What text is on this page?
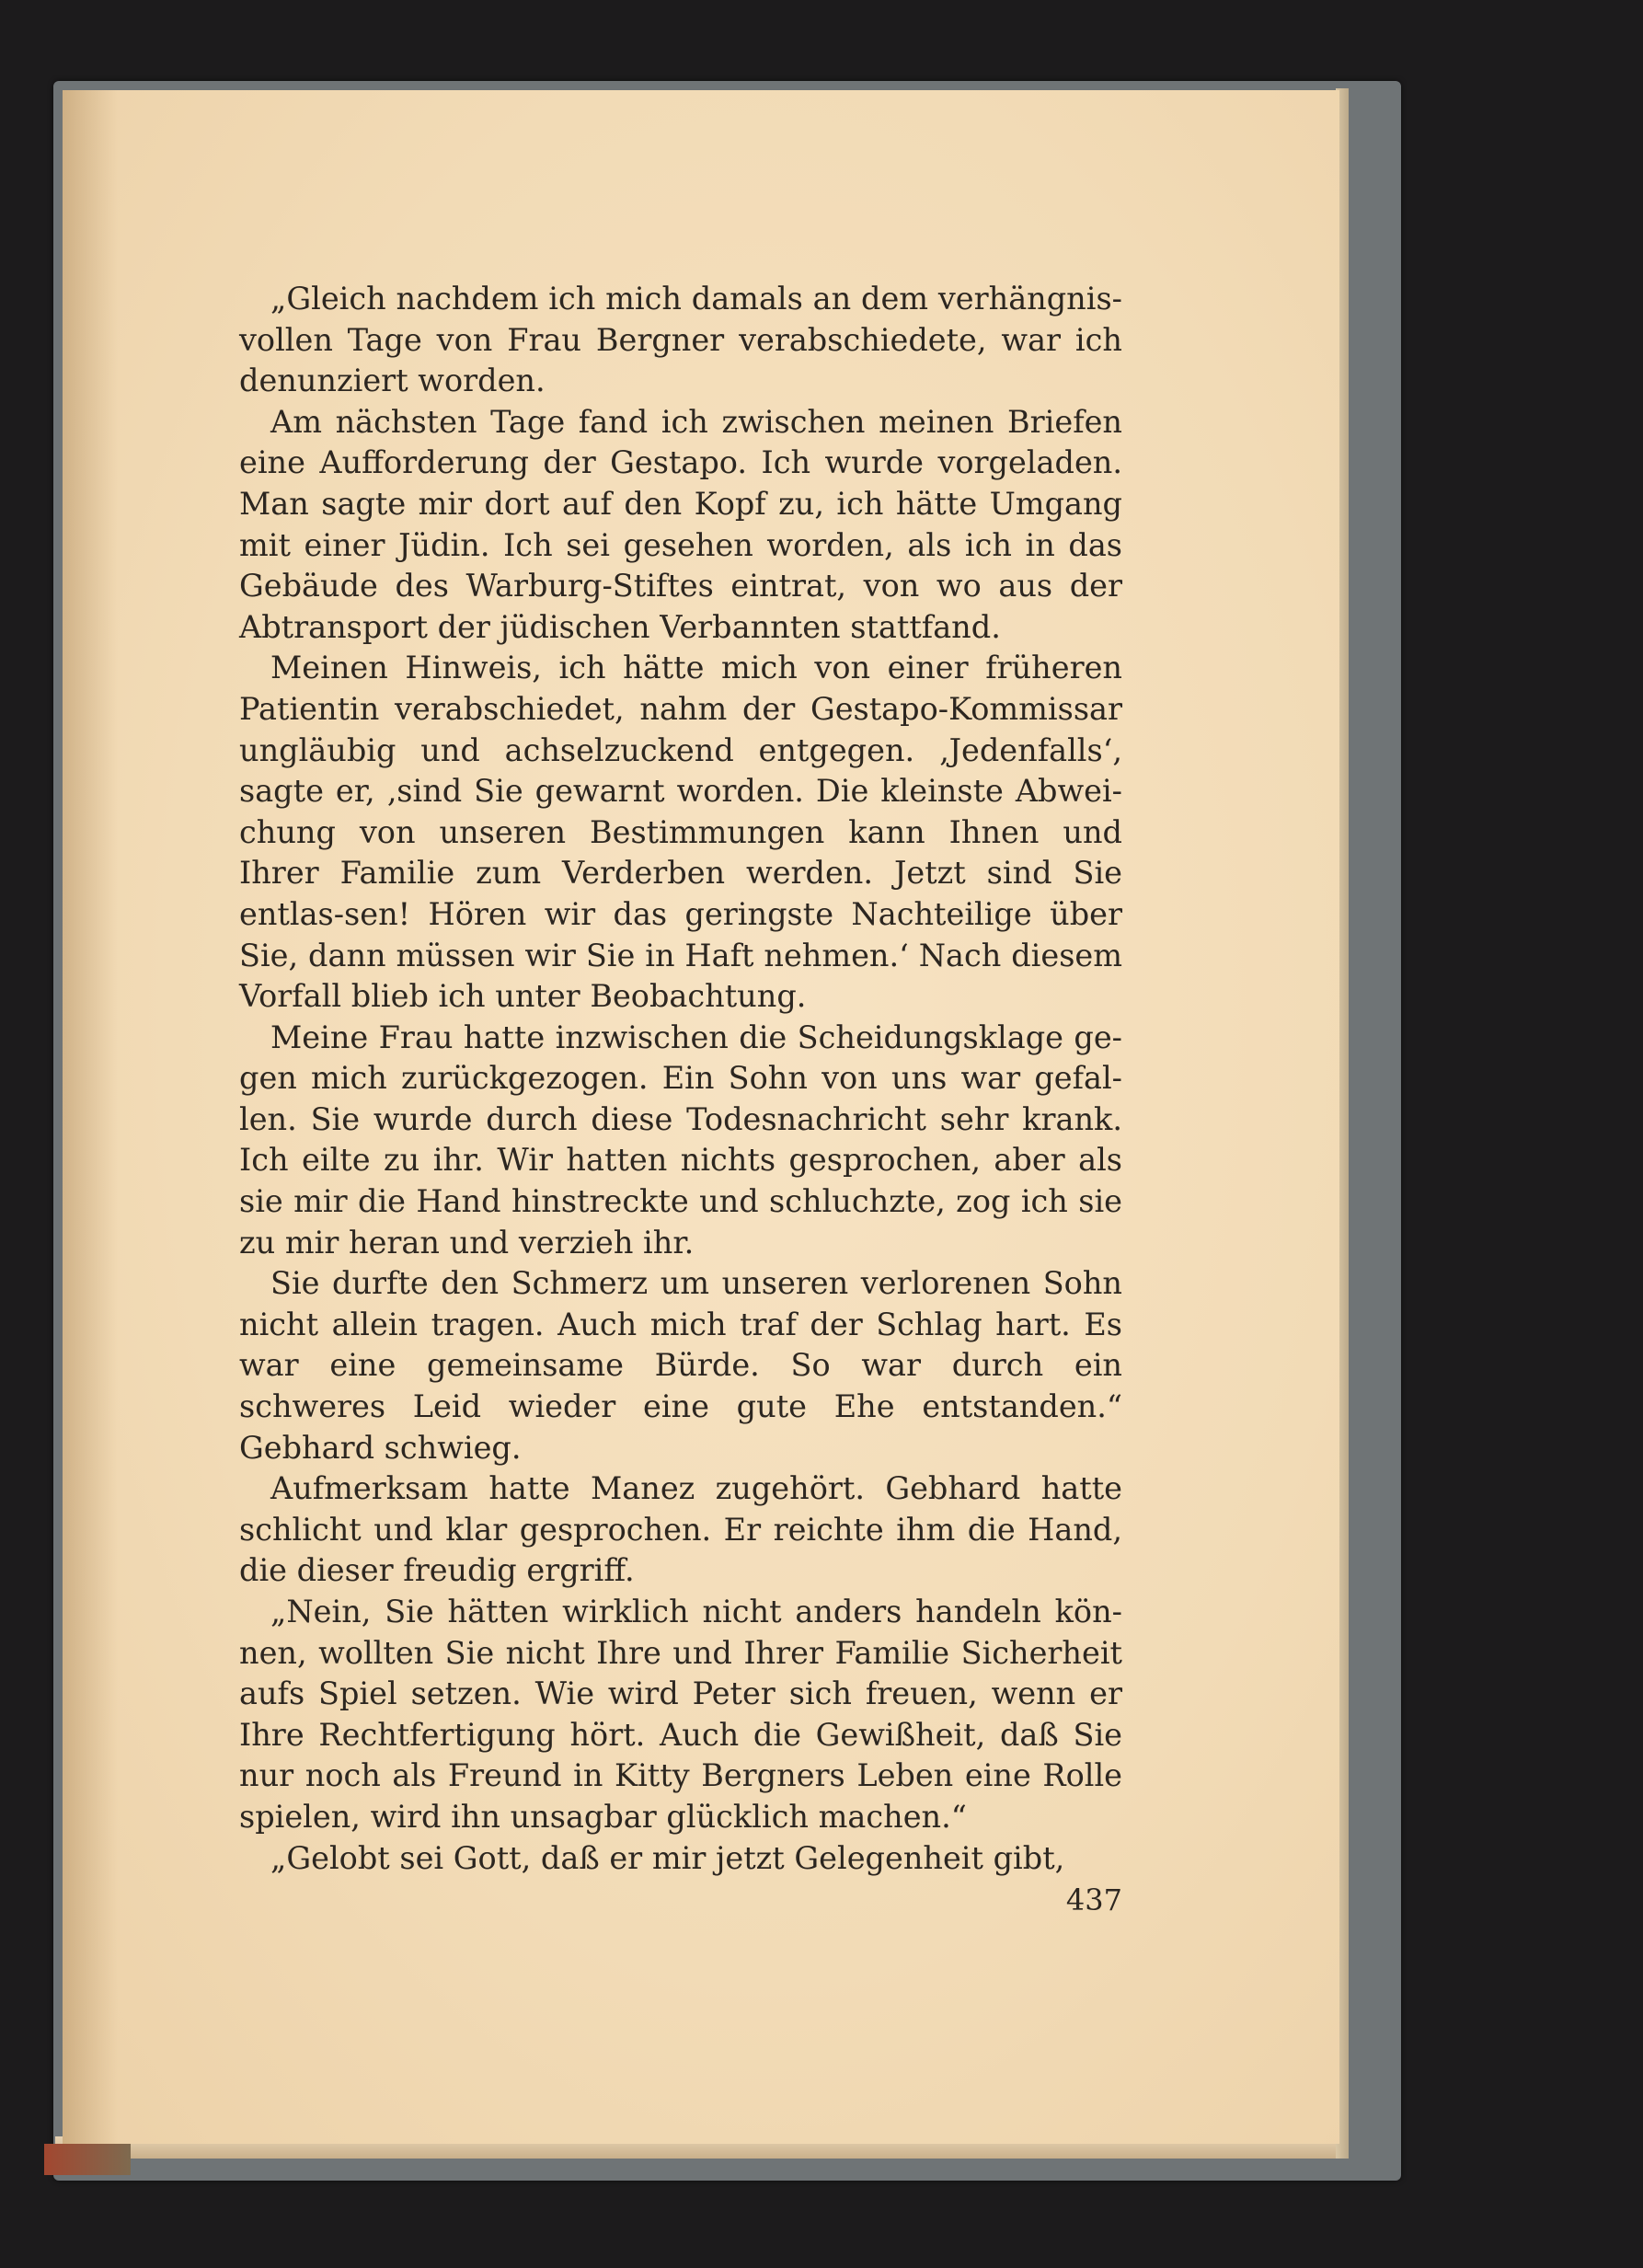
„Gleich nachdem ich mich damals an dem verhängnis-vollen Tage von Frau Bergner verabschiedete, war ich denunziert worden.

Am nächsten Tage fand ich zwischen meinen Briefen eine Aufforderung der Gestapo. Ich wurde vorgeladen. Man sagte mir dort auf den Kopf zu, ich hätte Umgang mit einer Jüdin. Ich sei gesehen worden, als ich in das Gebäude des Warburg-Stiftes eintrat, von wo aus der Abtransport der jüdischen Verbannten stattfand.

Meinen Hinweis, ich hätte mich von einer früheren Patientin verabschiedet, nahm der Gestapo-Kommissar ungläubig und achselzuckend entgegen. ‚Jedenfalls‘, sagte er, ‚sind Sie gewarnt worden. Die kleinste Abwei-chung von unseren Bestimmungen kann Ihnen und Ihrer Familie zum Verderben werden. Jetzt sind Sie entlas-sen! Hören wir das geringste Nachteilige über Sie, dann müssen wir Sie in Haft nehmen.‘ Nach diesem Vorfall blieb ich unter Beobachtung.

Meine Frau hatte inzwischen die Scheidungsklage ge-gen mich zurückgezogen. Ein Sohn von uns war gefal-len. Sie wurde durch diese Todesnachricht sehr krank. Ich eilte zu ihr. Wir hatten nichts gesprochen, aber als sie mir die Hand hinstreckte und schluchzte, zog ich sie zu mir heran und verzieh ihr.

Sie durfte den Schmerz um unseren verlorenen Sohn nicht allein tragen. Auch mich traf der Schlag hart. Es war eine gemeinsame Bürde. So war durch ein schweres Leid wieder eine gute Ehe entstanden.“ Gebhard schwieg.

Aufmerksam hatte Manez zugehört. Gebhard hatte schlicht und klar gesprochen. Er reichte ihm die Hand, die dieser freudig ergriff.

„Nein, Sie hätten wirklich nicht anders handeln kön-nen, wollten Sie nicht Ihre und Ihrer Familie Sicherheit aufs Spiel setzen. Wie wird Peter sich freuen, wenn er Ihre Rechtfertigung hört. Auch die Gewißheit, daß Sie nur noch als Freund in Kitty Bergners Leben eine Rolle spielen, wird ihn unsagbar glücklich machen.“

„Gelobt sei Gott, daß er mir jetzt Gelegenheit gibt,

437
